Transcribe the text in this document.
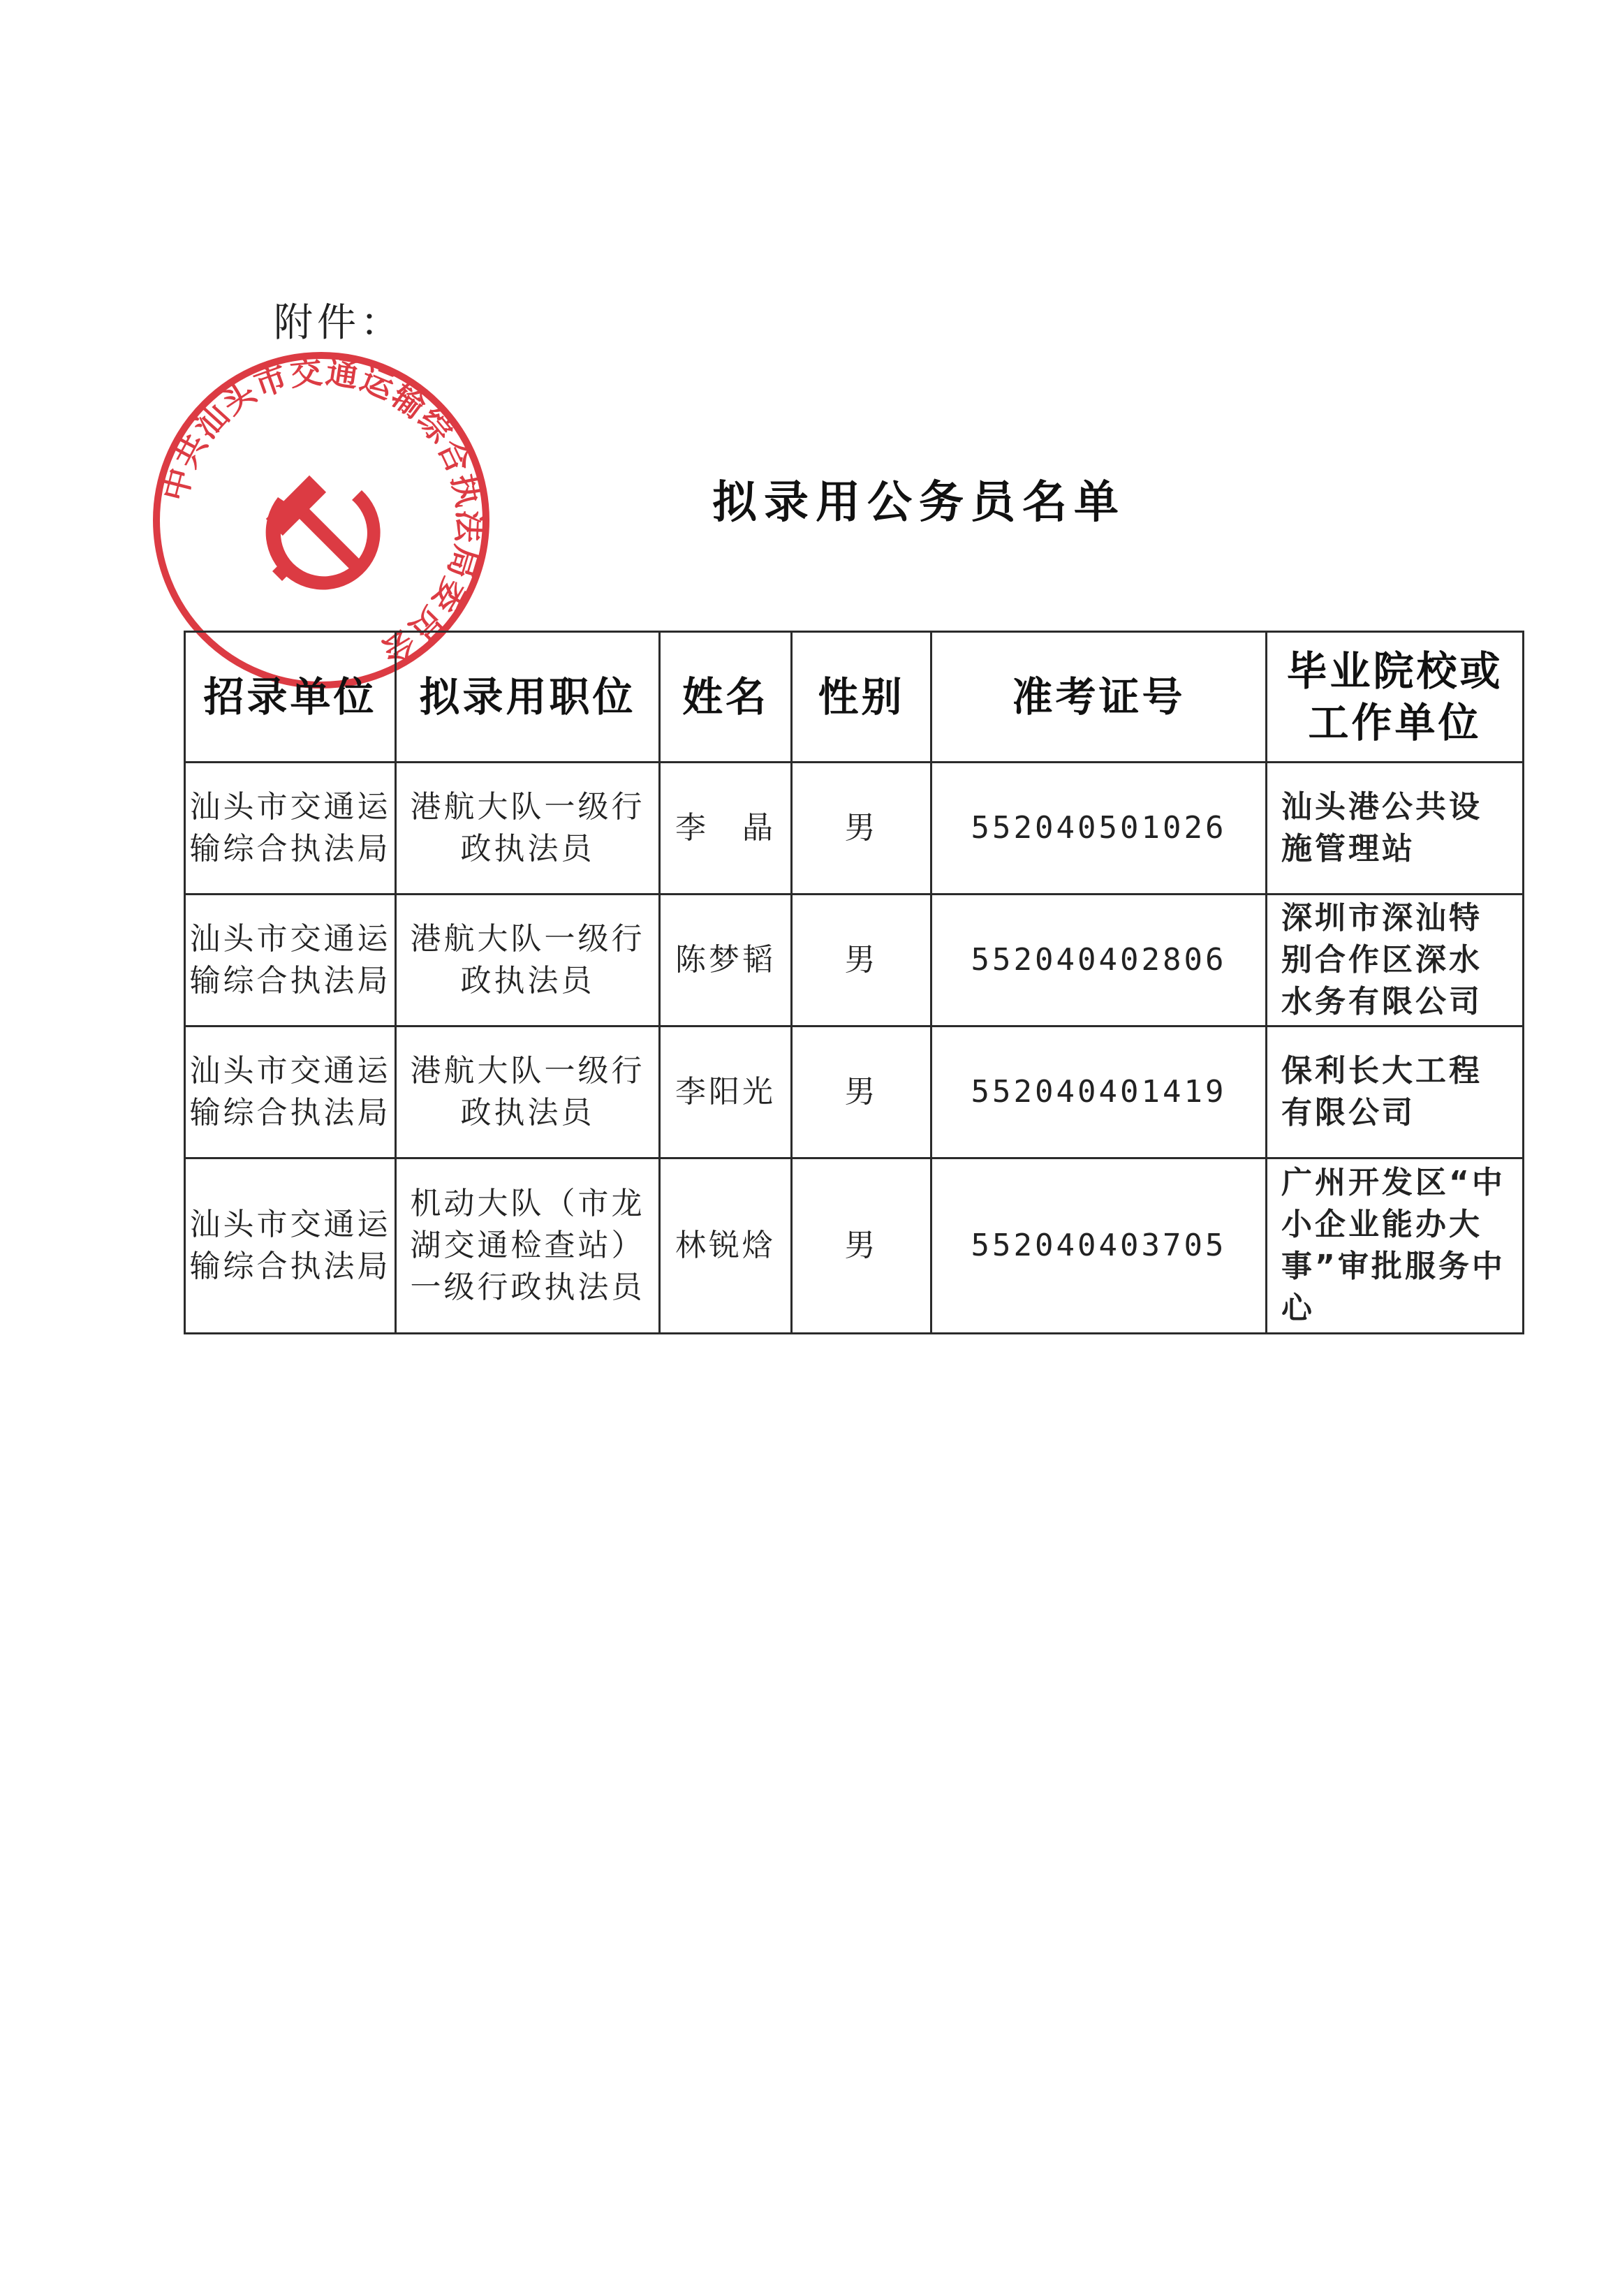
附件：
中共汕头市交通运输综合执法局委员会
拟录用公务员名单
招录单位	拟录用职位	姓名	性别	准考证号	毕业院校或
工作单位
汕头市交通运输综合执法局	港航大队一级行政执法员	李　晶	男	552040501026	汕头港公共设施管理站
汕头市交通运输综合执法局	港航大队一级行政执法员	陈梦韬	男	552040402806	深圳市深汕特别合作区深水水务有限公司
汕头市交通运输综合执法局	港航大队一级行政执法员	李阳光	男	552040401419	保利长大工程有限公司
汕头市交通运输综合执法局	机动大队（市龙湖交通检查站）一级行政执法员	林锐焓	男	552040403705	广州开发区“中小企业能办大事”审批服务中心
